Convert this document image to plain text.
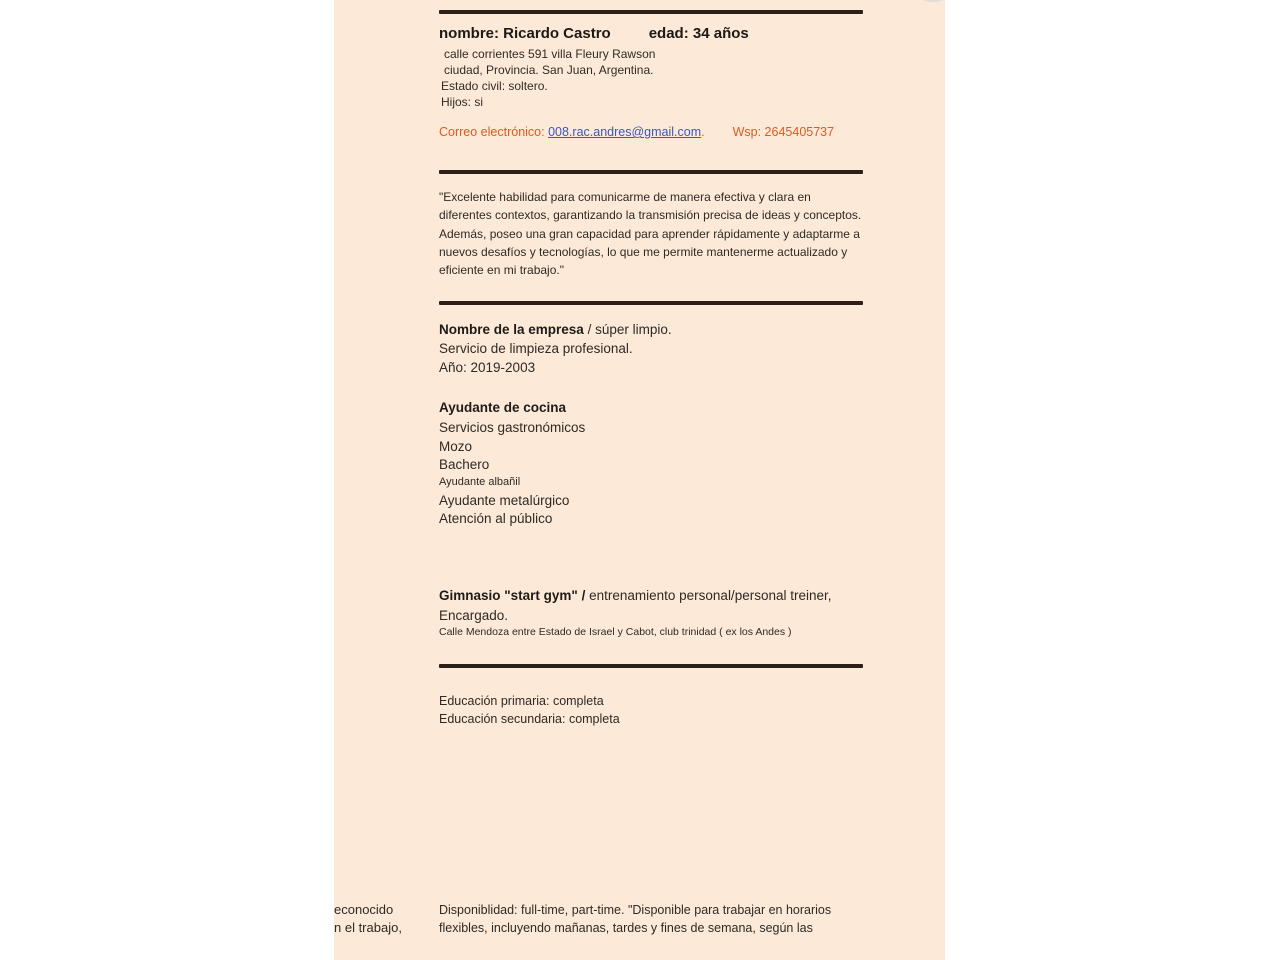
nombre: Ricardo Castro	edad: 34 años
calle corrientes 591 villa Fleury Rawson
ciudad, Provincia. San Juan, Argentina.
Estado civil: soltero.
Hijos: si
Correo electrónico: 008.rac.andres@gmail.com. Wsp: 2645405737
"Excelente habilidad para comunicarme de manera efectiva y clara en diferentes contextos, garantizando la transmisión precisa de ideas y conceptos. Además, poseo una gran capacidad para aprender rápidamente y adaptarme a nuevos desafíos y tecnologías, lo que me permite mantenerme actualizado y eficiente en mi trabajo."
Nombre de la empresa / súper limpio.
Servicio de limpieza profesional.
Año: 2019-2003
Ayudante de cocina
Servicios gastronómicos
Mozo
Bachero
Ayudante albañil
Ayudante metalúrgico
Atención al público
Gimnasio "start gym" / entrenamiento personal/personal treiner,
Encargado.
Calle Mendoza entre Estado de Israel y Cabot, club trinidad ( ex los Andes )
Educación primaria: completa
Educación secundaria: completa
econocido
n el trabajo,
Disponiblidad: full-time, part-time. "Disponible para trabajar en horarios
flexibles, incluyendo mañanas, tardes y fines de semana, según las
